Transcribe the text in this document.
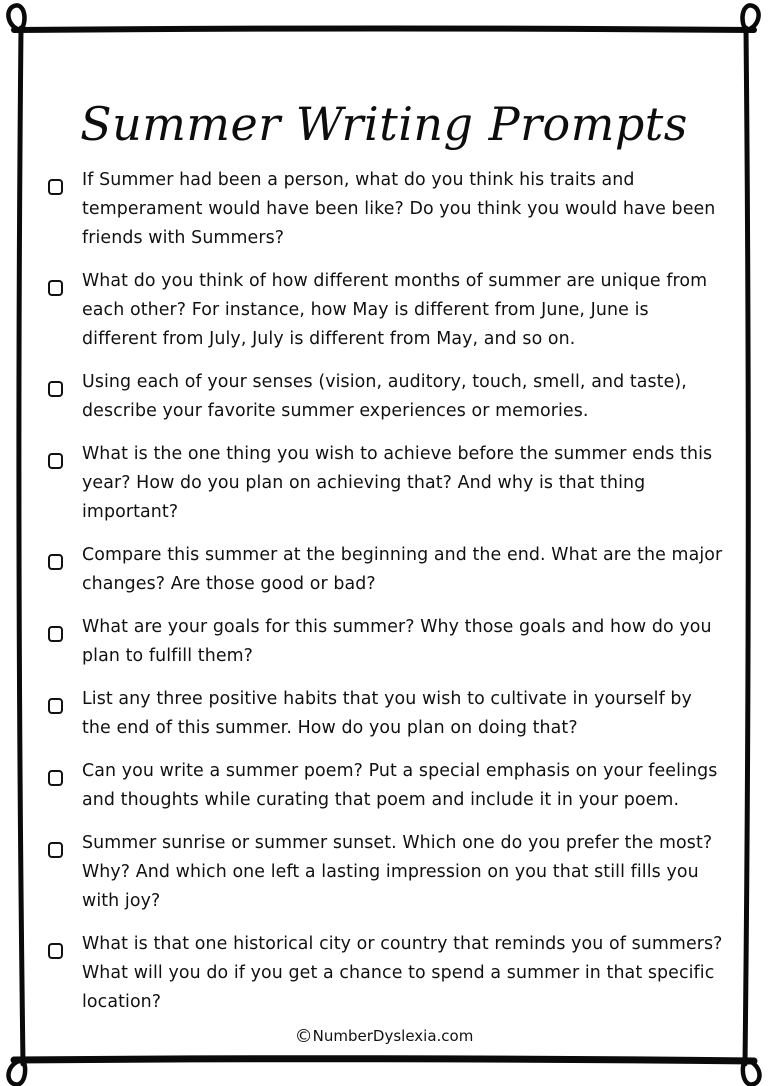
Summer Writing Prompts
If Summer had been a person, what do you think his traits and temperament would have been like? Do you think you would have been friends with Summers?
What do you think of how different months of summer are unique from each other? For instance, how May is different from June, June is different from July, July is different from May, and so on.
Using each of your senses (vision, auditory, touch, smell, and taste), describe your favorite summer experiences or memories.
What is the one thing you wish to achieve before the summer ends this year? How do you plan on achieving that? And why is that thing important?
Compare this summer at the beginning and the end. What are the major changes? Are those good or bad?
What are your goals for this summer? Why those goals and how do you plan to fulfill them?
List any three positive habits that you wish to cultivate in yourself by the end of this summer. How do you plan on doing that?
Can you write a summer poem? Put a special emphasis on your feelings and thoughts while curating that poem and include it in your poem.
Summer sunrise or summer sunset. Which one do you prefer the most? Why? And which one left a lasting impression on you that still fills you with joy?
What is that one historical city or country that reminds you of summers? What will you do if you get a chance to spend a summer in that specific location?
©NumberDyslexia.com
